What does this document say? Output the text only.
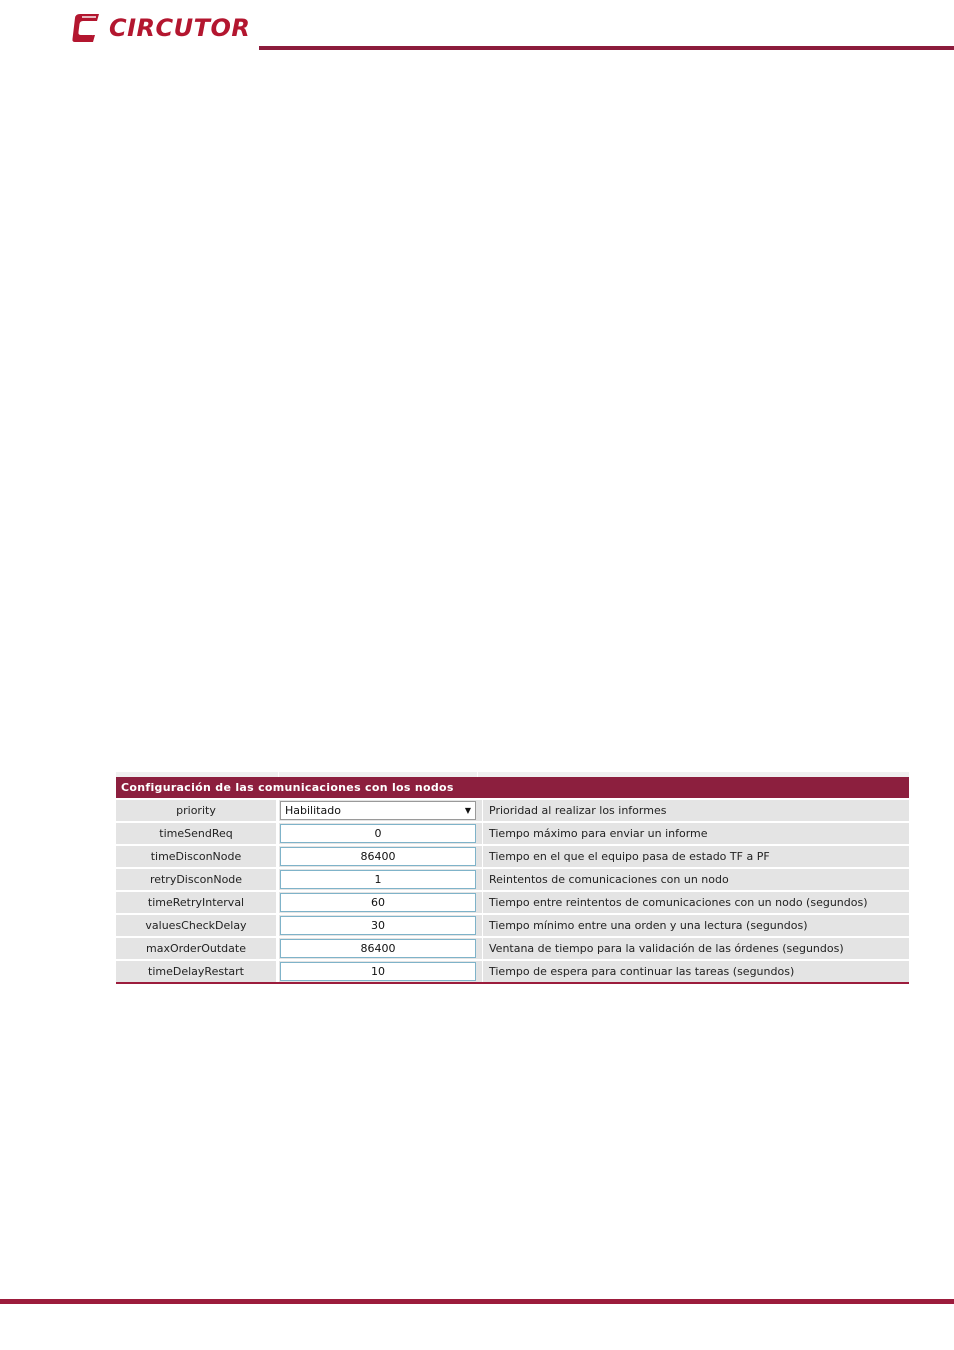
CIRCUTOR
Configuración de las comunicaciones con los nodos
priority	Habilitado ▼	Prioridad al realizar los informes
timeSendReq	0	Tiempo máximo para enviar un informe
timeDisconNode	86400	Tiempo en el que el equipo pasa de estado TF a PF
retryDisconNode	1	Reintentos de comunicaciones con un nodo
timeRetryInterval	60	Tiempo entre reintentos de comunicaciones con un nodo (segundos)
valuesCheckDelay	30	Tiempo mínimo entre una orden y una lectura (segundos)
maxOrderOutdate	86400	Ventana de tiempo para la validación de las órdenes (segundos)
timeDelayRestart	10	Tiempo de espera para continuar las tareas (segundos)
